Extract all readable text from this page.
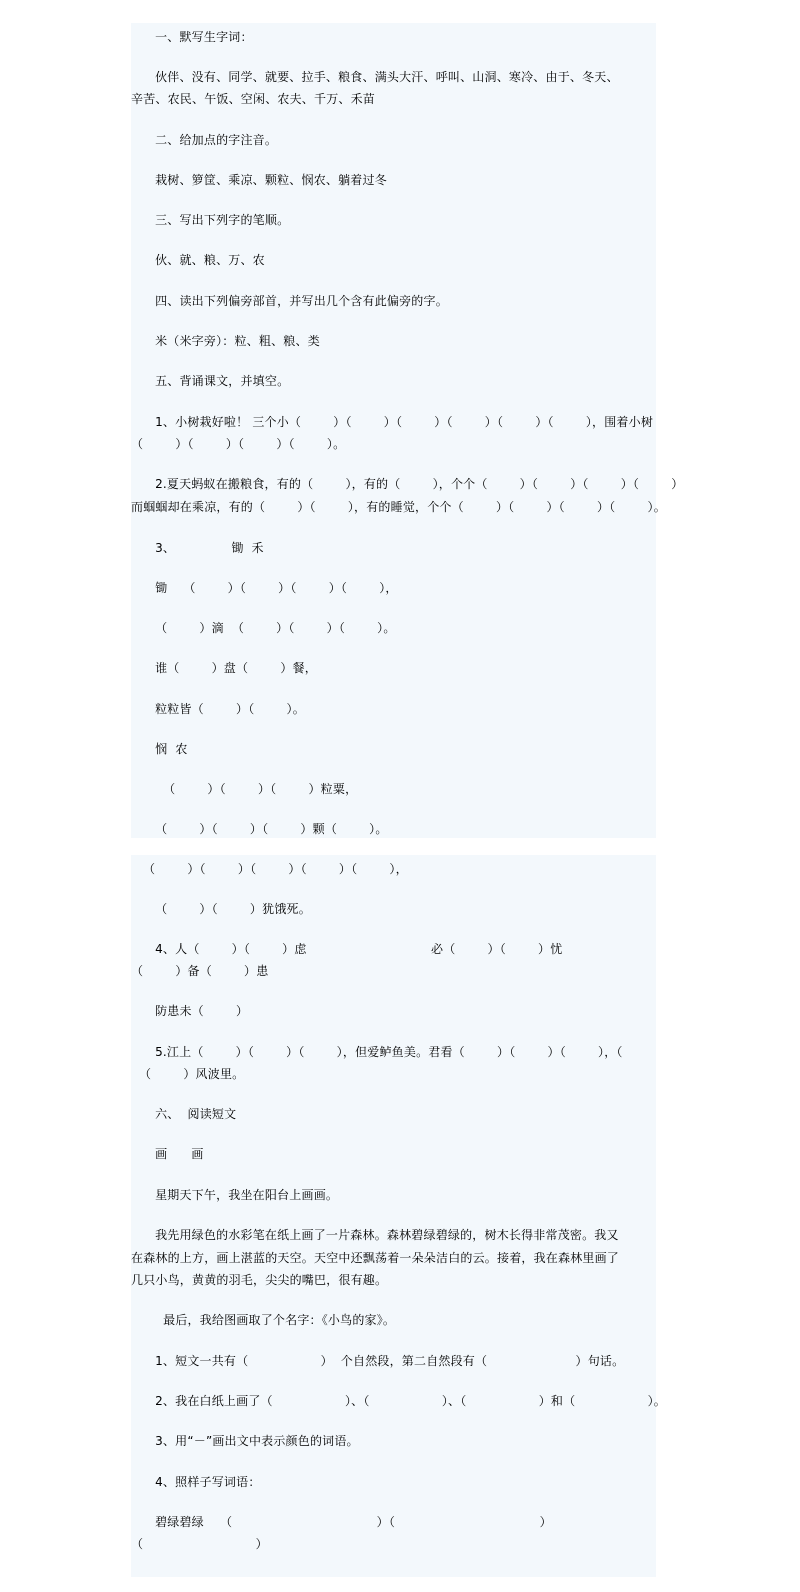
一、默写生字词：
伙伴、没有、同学、就要、拉手、粮食、满头大汗、呼叫、山洞、寒冷、由于、冬天、
辛苦、农民、午饭、空闲、农夫、千万、禾苗
二、给加点的字注音。
栽树、箩筐、乘凉、颗粒、悯农、躺着过冬
三、写出下列字的笔顺。
伙、就、粮、万、农
四、读出下列偏旁部首，并写出几个含有此偏旁的字。
米（米字旁）：粒、粗、粮、类
五、背诵课文，并填空。
1、小树栽好啦！ 三个小（        ）（        ）（        ）（        ）（        ）（        ），围着小树
（        ）（        ）（        ）（        ）。
2.夏天蚂蚁在搬粮食，有的（        ），有的（        ），个个（        ）（        ）（        ）（        ）
而蝈蝈却在乘凉，有的（        ）（        ），有的睡觉，个个（        ）（        ）（        ）（        ）。
3、              锄  禾
锄    （        ）（        ）（        ）（        ），
（        ）滴  （        ）（        ）（        ）。
谁（        ）盘（        ）餐，
粒粒皆（        ）（        ）。
悯  农
（        ）（        ）（        ）粒粟，
（        ）（        ）（        ）颗（        ）。
（        ）（        ）（        ）（        ）（        ），
（        ）（        ）犹饿死。
4、人（        ）（        ）虑                               必（        ）（        ）忧
（        ）备（        ）患
防患未（        ）
5.江上（        ）（        ）（        ），但爱鲈鱼美。君看（        ）（        ）（        ），（
（        ）风波里。
六、  阅读短文
画      画
星期天下午，我坐在阳台上画画。
我先用绿色的水彩笔在纸上画了一片森林。森林碧绿碧绿的，树木长得非常茂密。我又
在森林的上方，画上湛蓝的天空。天空中还飘荡着一朵朵洁白的云。接着，我在森林里画了
几只小鸟，黄黄的羽毛，尖尖的嘴巴，很有趣。
最后，我给图画取了个名字：《小鸟的家》。
1、短文一共有（                  ）  个自然段，第二自然段有（                      ）句话。
2、我在白纸上画了（                  ）、（                  ）、（                  ）和（                  ）。
3、用“－”画出文中表示颜色的词语。
4、照样子写词语：
碧绿碧绿    （                                    ）（                                    ）
（                            ）
